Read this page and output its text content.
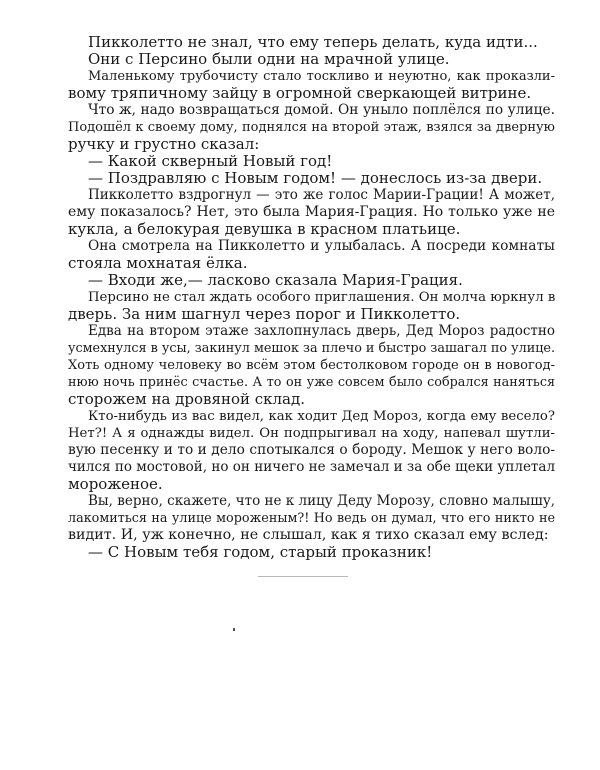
Пикколетто не знал, что ему теперь делать, куда идти...

Они с Персино были одни на мрачной улице.

Маленькому трубочисту стало тоскливо и неуютно, как проказли-
вому тряпичному зайцу в огромной сверкающей витрине.

Что ж, надо возвращаться домой. Он уныло поплёлся по улице.
Подошёл к своему дому, поднялся на второй этаж, взялся за дверную
ручку и грустно сказал:

— Какой скверный Новый год!

— Поздравляю с Новым годом! — донеслось из-за двери.

Пикколетто вздрогнул — это же голос Марии-Грации! А может,
ему показалось? Нет, это была Мария-Грация. Но только уже не
кукла, а белокурая девушка в красном платьице.

Она смотрела на Пикколетто и улыбалась. А посреди комнаты
стояла мохнатая ёлка.

— Входи же,— ласково сказала Мария-Грация.

Персино не стал ждать особого приглашения. Он молча юркнул в
дверь. За ним шагнул через порог и Пикколетто.

Едва на втором этаже захлопнулась дверь, Дед Мороз радостно
усмехнулся в усы, закинул мешок за плечо и быстро зашагал по улице.
Хоть одному человеку во всём этом бестолковом городе он в новогод-
нюю ночь принёс счастье. А то он уже совсем было собрался наняться
сторожем на дровяной склад.

Кто-нибудь из вас видел, как ходит Дед Мороз, когда ему весело?
Нет?! А я однажды видел. Он подпрыгивал на ходу, напевал шутли-
вую песенку и то и дело спотыкался о бороду. Мешок у него воло-
чился по мостовой, но он ничего не замечал и за обе щеки уплетал
мороженое.

Вы, верно, скажете, что не к лицу Деду Морозу, словно малышу,
лакомиться на улице мороженым?! Но ведь он думал, что его никто не
видит. И, уж конечно, не слышал, как я тихо сказал ему вслед:

— С Новым тебя годом, старый проказник!
